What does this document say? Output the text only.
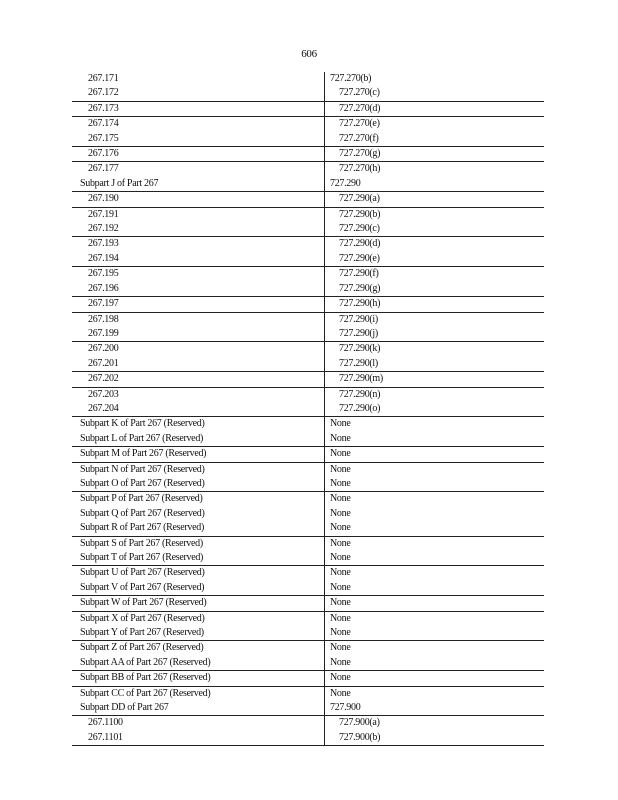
606
267.171	727.270(b)
267.172	727.270(c)
267.173	727.270(d)
267.174	727.270(e)
267.175	727.270(f)
267.176	727.270(g)
267.177	727.270(h)
Subpart J of Part 267	727.290
267.190	727.290(a)
267.191	727.290(b)
267.192	727.290(c)
267.193	727.290(d)
267.194	727.290(e)
267.195	727.290(f)
267.196	727.290(g)
267.197	727.290(h)
267.198	727.290(i)
267.199	727.290(j)
267.200	727.290(k)
267.201	727.290(l)
267.202	727.290(m)
267.203	727.290(n)
267.204	727.290(o)
Subpart K of Part 267 (Reserved)	None
Subpart L of Part 267 (Reserved)	None
Subpart M of Part 267 (Reserved)	None
Subpart N of Part 267 (Reserved)	None
Subpart O of Part 267 (Reserved)	None
Subpart P of Part 267 (Reserved)	None
Subpart Q of Part 267 (Reserved)	None
Subpart R of Part 267 (Reserved)	None
Subpart S of Part 267 (Reserved)	None
Subpart T of Part 267 (Reserved)	None
Subpart U of Part 267 (Reserved)	None
Subpart V of Part 267 (Reserved)	None
Subpart W of Part 267 (Reserved)	None
Subpart X of Part 267 (Reserved)	None
Subpart Y of Part 267 (Reserved)	None
Subpart Z of Part 267 (Reserved)	None
Subpart AA of Part 267 (Reserved)	None
Subpart BB of Part 267 (Reserved)	None
Subpart CC of Part 267 (Reserved)	None
Subpart DD of Part 267	727.900
267.1100	727.900(a)
267.1101	727.900(b)
